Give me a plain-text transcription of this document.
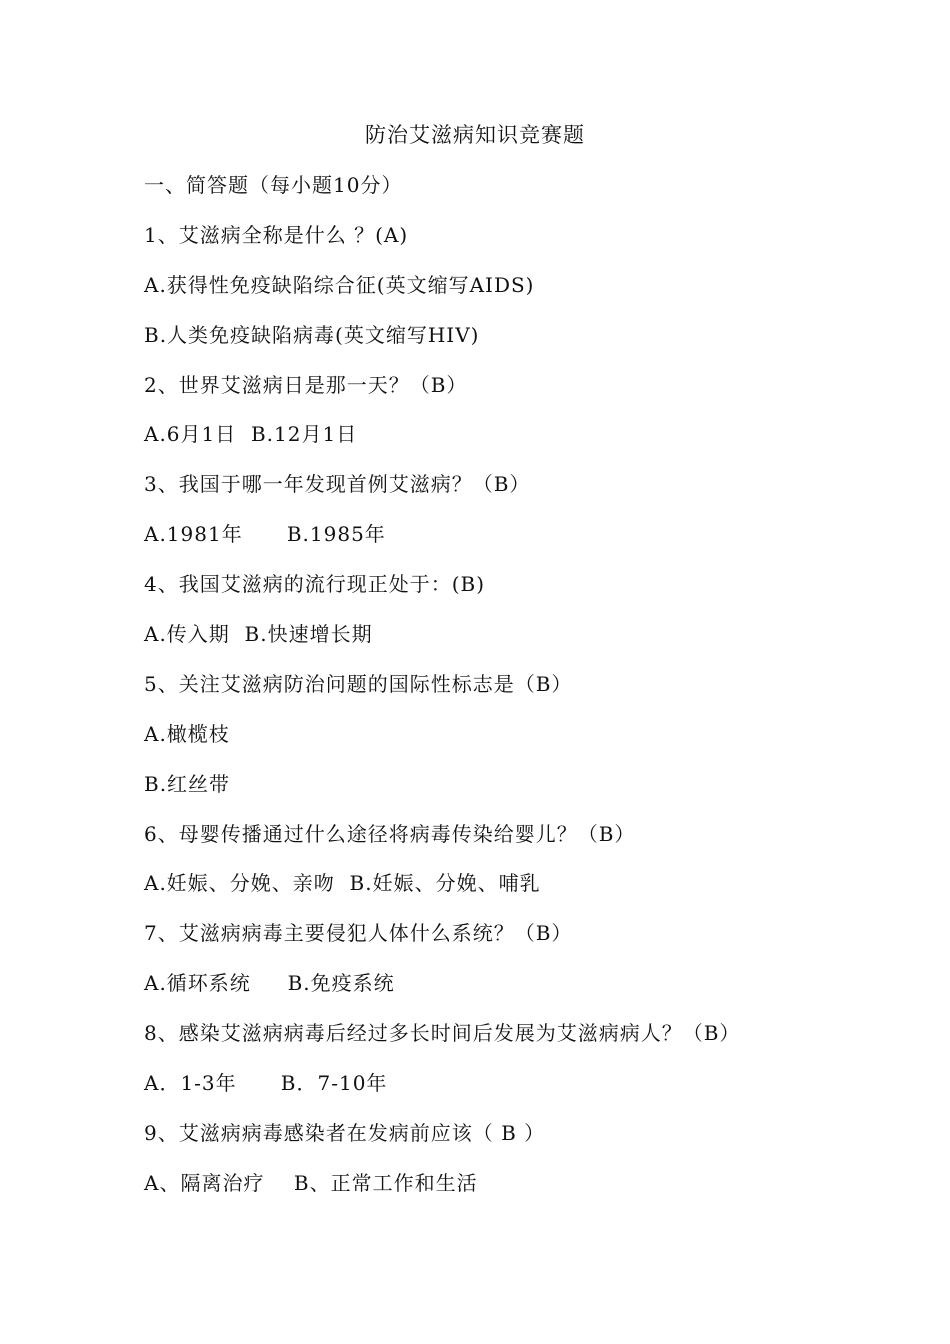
防治艾滋病知识竞赛题
一、简答题（每小题10分）
1、艾滋病全称是什么 ？(A)
A.获得性免疫缺陷综合征(英文缩写AIDS)
B.人类免疫缺陷病毒(英文缩写HIV)
2、世界艾滋病日是那一天？（B）
A.6月1日  B.12月1日
3、我国于哪一年发现首例艾滋病？（B）
A.1981年      B.1985年
4、我国艾滋病的流行现正处于：(B)
A.传入期  B.快速增长期
5、关注艾滋病防治问题的国际性标志是（B）
A.橄榄枝
B.红丝带
6、母婴传播通过什么途径将病毒传染给婴儿？（B）
A.妊娠、分娩、亲吻  B.妊娠、分娩、哺乳
7、艾滋病病毒主要侵犯人体什么系统？（B）
A.循环系统     B.免疫系统
8、感染艾滋病病毒后经过多长时间后发展为艾滋病病人？（B）
A．1-3年      B．7-10年
9、艾滋病病毒感染者在发病前应该（ B ）
A、隔离治疗    B、正常工作和生活
